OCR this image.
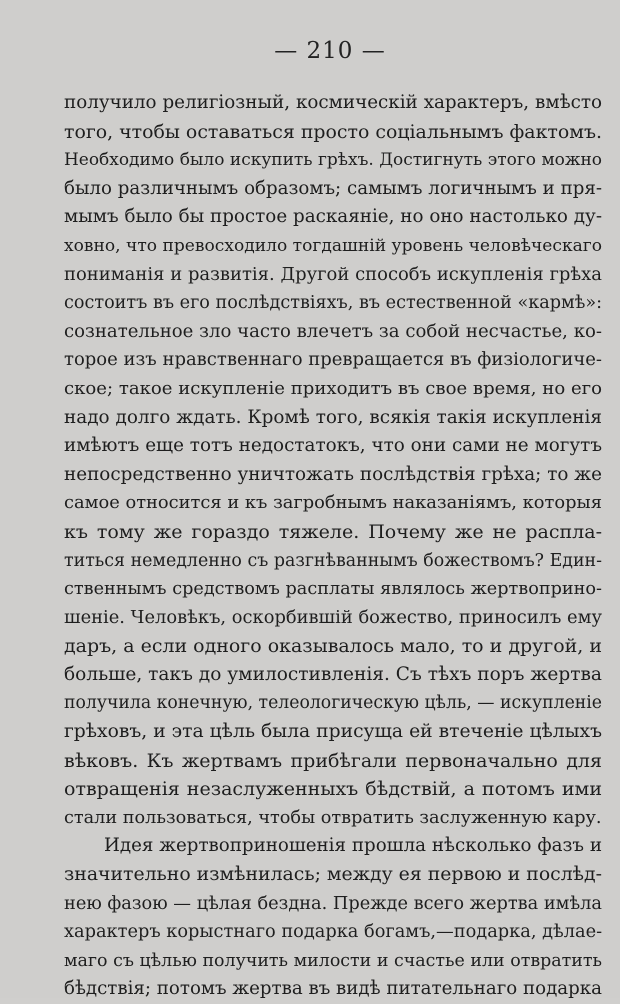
— 210 —
получило религіозный, космическій характеръ, вмѣсто
того, чтобы оставаться просто соціальнымъ фактомъ.
Необходимо было искупить грѣхъ. Достигнуть этого можно
было различнымъ образомъ; самымъ логичнымъ и пря-
мымъ было бы простое раскаяніе, но оно настолько ду-
ховно, что превосходило тогдашній уровень человѣческаго
пониманія и развитія. Другой способъ искупленія грѣха
состоитъ въ его послѣдствіяхъ, въ естественной «кармѣ»:
сознательное зло часто влечетъ за собой несчастье, ко-
торое изъ нравственнаго превращается въ физіологиче-
ское; такое искупленіе приходитъ въ свое время, но его
надо долго ждать. Кромѣ того, всякія такія искупленія
имѣютъ еще тотъ недостатокъ, что они сами не могутъ
непосредственно уничтожать послѣдствія грѣха; то же
самое относится и къ загробнымъ наказаніямъ, которыя
къ тому же гораздо тяжеле. Почему же не распла-
титься немедленно съ разгнѣваннымъ божествомъ? Един-
ственнымъ средствомъ расплаты являлось жертвоприно-
шеніе. Человѣкъ, оскорбившій божество, приносилъ ему
даръ, а если одного оказывалось мало, то и другой, и
больше, такъ до умилостивленія. Съ тѣхъ поръ жертва
получила конечную, телеологическую цѣль, — искупленіе
грѣховъ, и эта цѣль была присуща ей втеченіе цѣлыхъ
вѣковъ. Къ жертвамъ прибѣгали первоначально для
отвращенія незаслуженныхъ бѣдствій, а потомъ ими
стали пользоваться, чтобы отвратить заслуженную кару.
Идея жертвоприношенія прошла нѣсколько фазъ и
значительно измѣнилась; между ея первою и послѣд-
нею фазою — цѣлая бездна. Прежде всего жертва имѣла
характеръ корыстнаго подарка богамъ,—подарка, дѣлае-
маго съ цѣлью получить милости и счастье или отвратить
бѣдствія; потомъ жертва въ видѣ питательнаго подарка
